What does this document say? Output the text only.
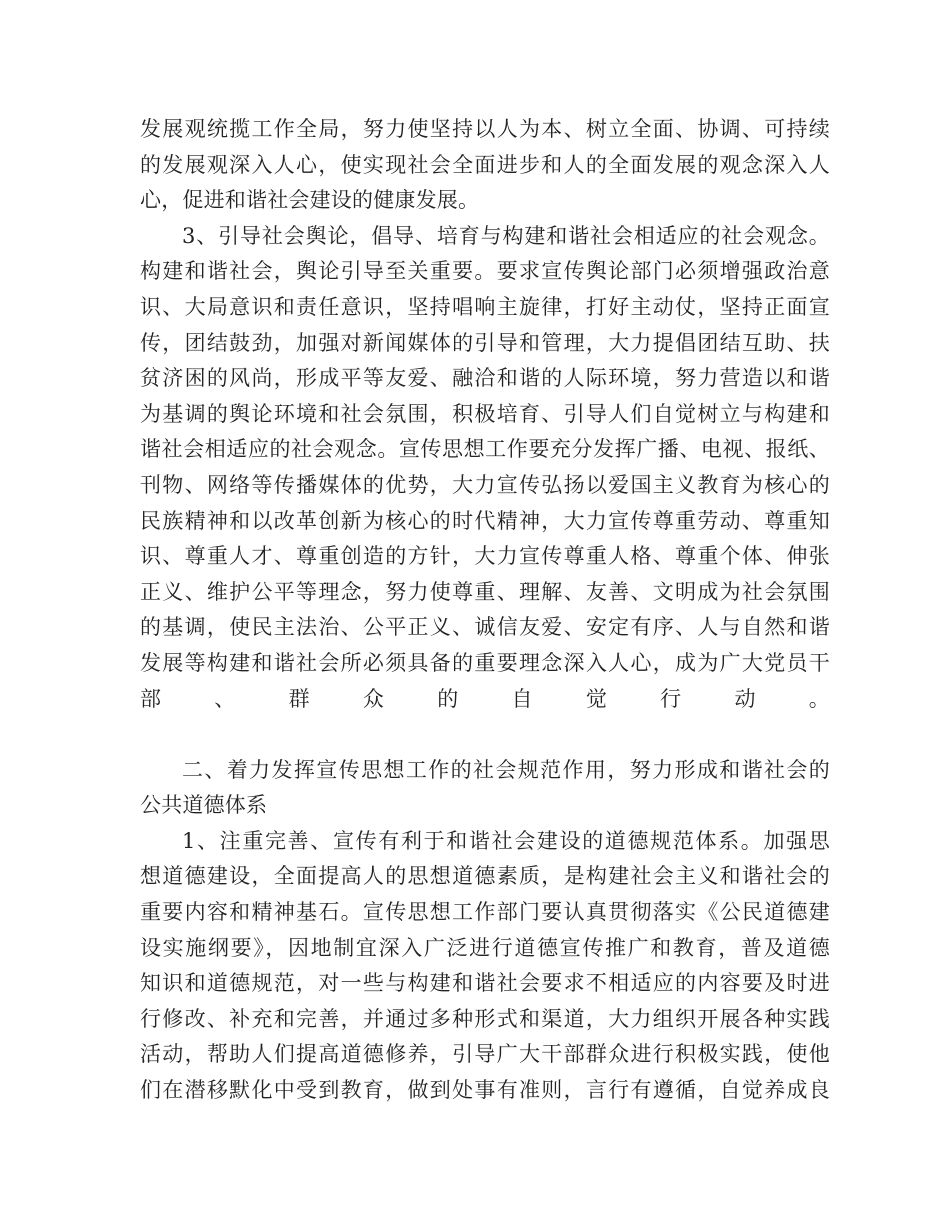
发展观统揽工作全局，努力使坚持以人为本、树立全面、协调、可持续
的发展观深入人心，使实现社会全面进步和人的全面发展的观念深入人
心，促进和谐社会建设的健康发展。
3、引导社会舆论，倡导、培育与构建和谐社会相适应的社会观念。
构建和谐社会，舆论引导至关重要。要求宣传舆论部门必须增强政治意
识、大局意识和责任意识，坚持唱响主旋律，打好主动仗，坚持正面宣
传，团结鼓劲，加强对新闻媒体的引导和管理，大力提倡团结互助、扶
贫济困的风尚，形成平等友爱、融洽和谐的人际环境，努力营造以和谐
为基调的舆论环境和社会氛围，积极培育、引导人们自觉树立与构建和
谐社会相适应的社会观念。宣传思想工作要充分发挥广播、电视、报纸、
刊物、网络等传播媒体的优势，大力宣传弘扬以爱国主义教育为核心的
民族精神和以改革创新为核心的时代精神，大力宣传尊重劳动、尊重知
识、尊重人才、尊重创造的方针，大力宣传尊重人格、尊重个体、伸张
正义、维护公平等理念，努力使尊重、理解、友善、文明成为社会氛围
的基调，使民主法治、公平正义、诚信友爱、安定有序、人与自然和谐
发展等构建和谐社会所必须具备的重要理念深入人心，成为广大党员干
部、群众的自觉行动。
二、着力发挥宣传思想工作的社会规范作用，努力形成和谐社会的
公共道德体系
1、注重完善、宣传有利于和谐社会建设的道德规范体系。加强思
想道德建设，全面提高人的思想道德素质，是构建社会主义和谐社会的
重要内容和精神基石。宣传思想工作部门要认真贯彻落实《公民道德建
设实施纲要》，因地制宜深入广泛进行道德宣传推广和教育，普及道德
知识和道德规范，对一些与构建和谐社会要求不相适应的内容要及时进
行修改、补充和完善，并通过多种形式和渠道，大力组织开展各种实践
活动，帮助人们提高道德修养，引导广大干部群众进行积极实践，使他
们在潜移默化中受到教育，做到处事有准则，言行有遵循，自觉养成良
